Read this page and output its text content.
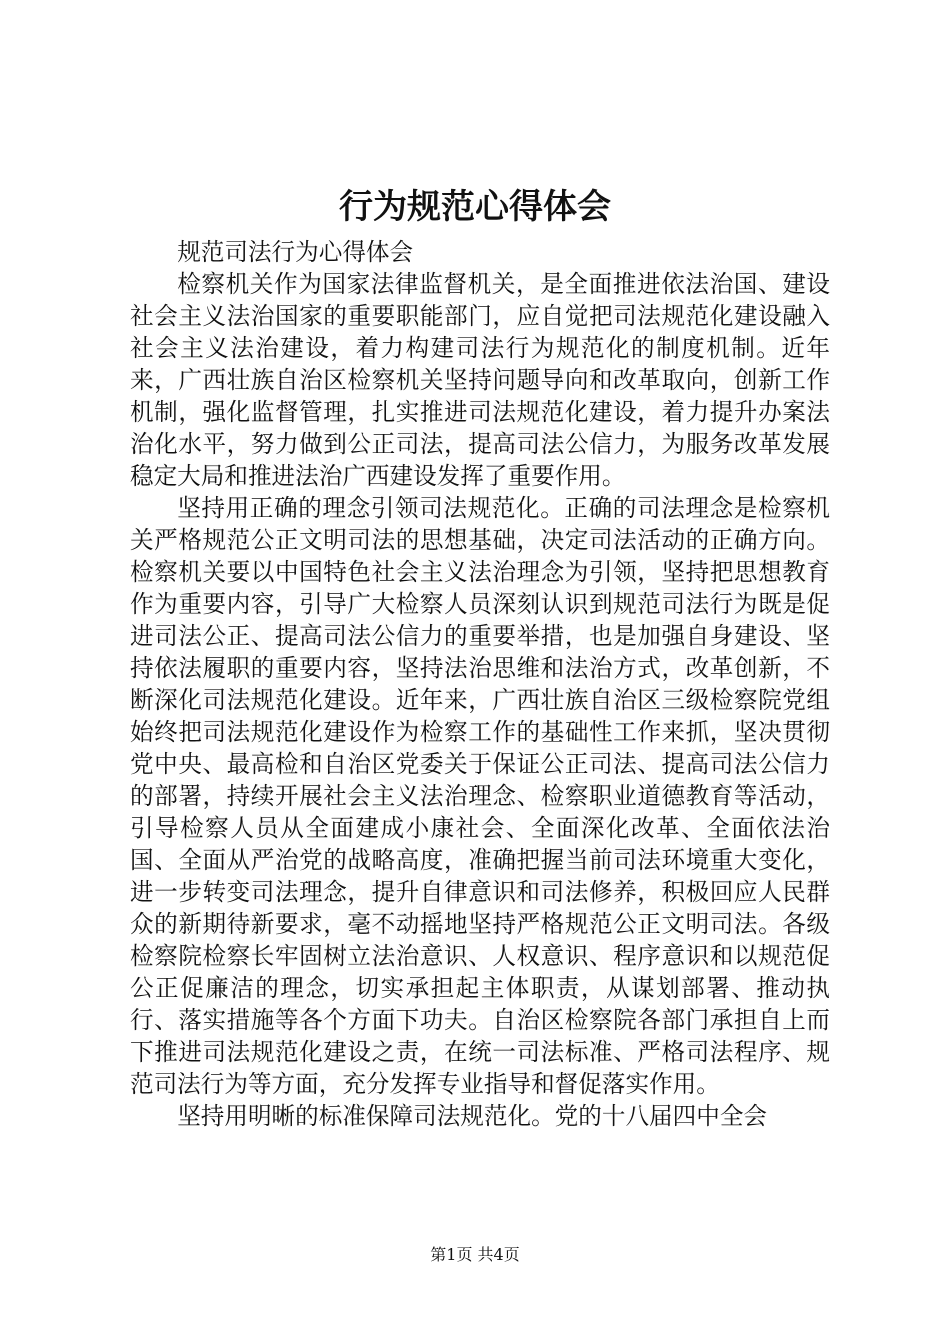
行为规范心得体会

规范司法行为心得体会

检察机关作为国家法律监督机关，是全面推进依法治国、建设社会主义法治国家的重要职能部门，应自觉把司法规范化建设融入社会主义法治建设，着力构建司法行为规范化的制度机制。近年来，广西壮族自治区检察机关坚持问题导向和改革取向，创新工作机制，强化监督管理，扎实推进司法规范化建设，着力提升办案法治化水平，努力做到公正司法，提高司法公信力，为服务改革发展稳定大局和推进法治广西建设发挥了重要作用。

坚持用正确的理念引领司法规范化。正确的司法理念是检察机关严格规范公正文明司法的思想基础，决定司法活动的正确方向。检察机关要以中国特色社会主义法治理念为引领，坚持把思想教育作为重要内容，引导广大检察人员深刻认识到规范司法行为既是促进司法公正、提高司法公信力的重要举措，也是加强自身建设、坚持依法履职的重要内容，坚持法治思维和法治方式，改革创新，不断深化司法规范化建设。近年来，广西壮族自治区三级检察院党组始终把司法规范化建设作为检察工作的基础性工作来抓，坚决贯彻党中央、最高检和自治区党委关于保证公正司法、提高司法公信力的部署，持续开展社会主义法治理念、检察职业道德教育等活动，引导检察人员从全面建成小康社会、全面深化改革、全面依法治国、全面从严治党的战略高度，准确把握当前司法环境重大变化，进一步转变司法理念，提升自律意识和司法修养，积极回应人民群众的新期待新要求，毫不动摇地坚持严格规范公正文明司法。各级检察院检察长牢固树立法治意识、人权意识、程序意识和以规范促公正促廉洁的理念，切实承担起主体职责，从谋划部署、推动执行、落实措施等各个方面下功夫。自治区检察院各部门承担自上而下推进司法规范化建设之责，在统一司法标准、严格司法程序、规范司法行为等方面，充分发挥专业指导和督促落实作用。

坚持用明晰的标准保障司法规范化。党的十八届四中全会

第1页 共4页
